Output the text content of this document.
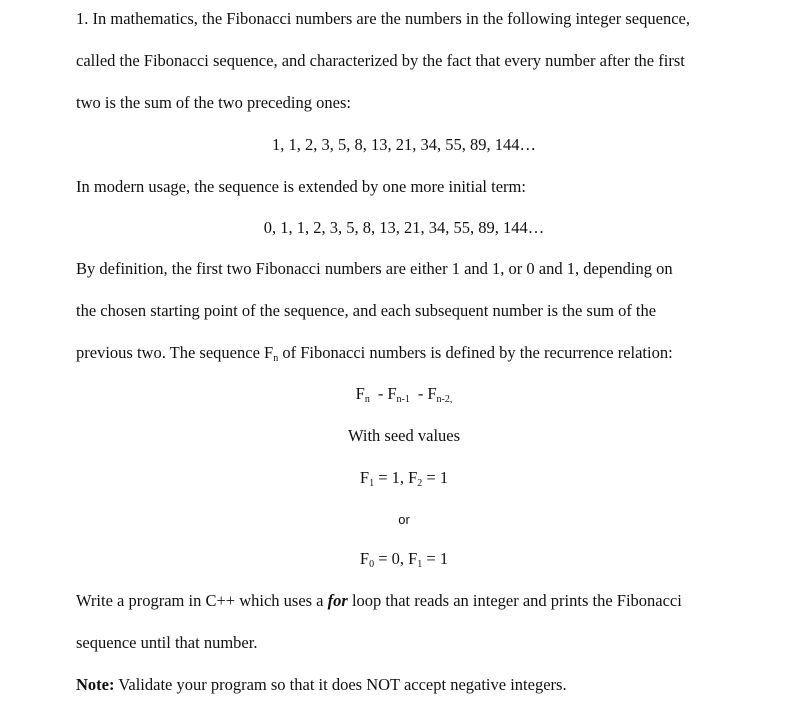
1. In mathematics, the Fibonacci numbers are the numbers in the following integer sequence,
called the Fibonacci sequence, and characterized by the fact that every number after the first
two is the sum of the two preceding ones:
1, 1, 2, 3, 5, 8, 13, 21, 34, 55, 89, 144…
In modern usage, the sequence is extended by one more initial term:
0, 1, 1, 2, 3, 5, 8, 13, 21, 34, 55, 89, 144…
By definition, the first two Fibonacci numbers are either 1 and 1, or 0 and 1, depending on
the chosen starting point of the sequence, and each subsequent number is the sum of the
previous two. The sequence $F_n$ of Fibonacci numbers is defined by the recurrence relation:
$F_n - F_{n-1} - F_{n-2,}$
With seed values
$F_1 = 1$, $F_2 = 1$
or
$F_0 = 0$, $F_1 = 1$
Write a program in C++ which uses a for loop that reads an integer and prints the Fibonacci
sequence until that number.
Note: Validate your program so that it does NOT accept negative integers.
